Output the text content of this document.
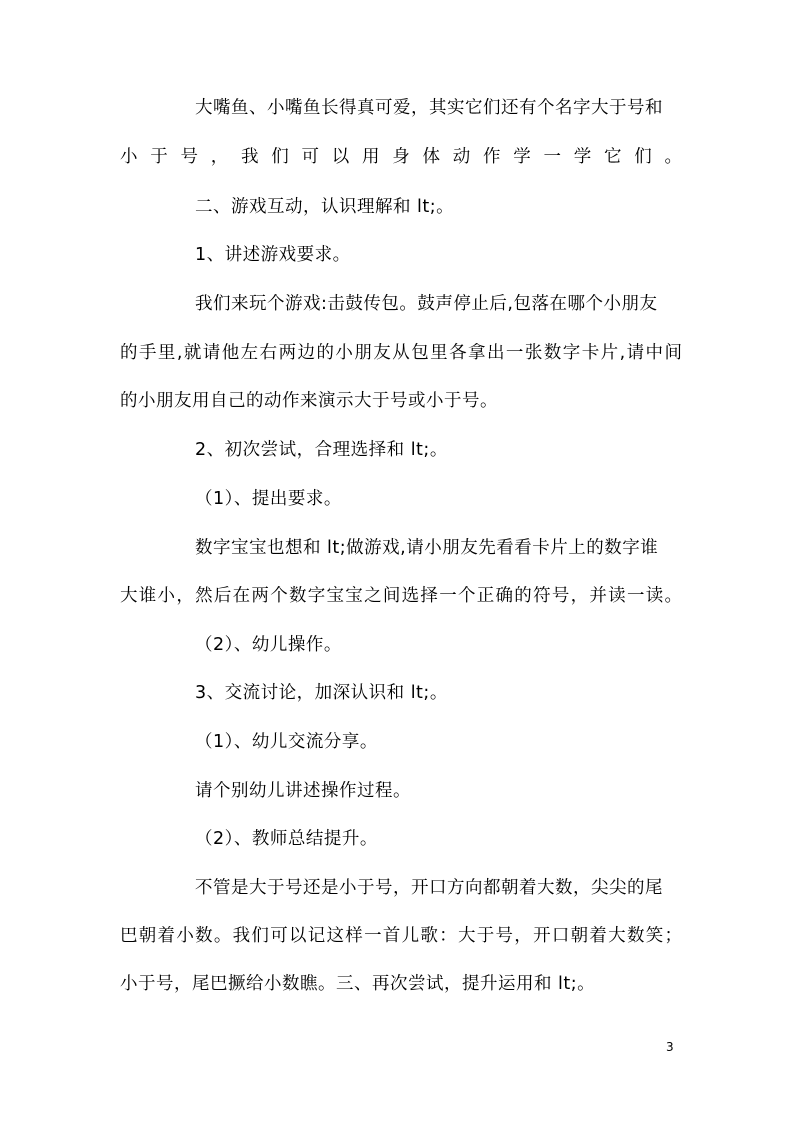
大嘴鱼、小嘴鱼长得真可爱，其实它们还有个名字大于号和
小于号，我们可以用身体动作学一学它们。
二、游戏互动，认识理解和 lt;。
1、讲述游戏要求。
我们来玩个游戏:击鼓传包。鼓声停止后,包落在哪个小朋友
的手里,就请他左右两边的小朋友从包里各拿出一张数字卡片,请中间
的小朋友用自己的动作来演示大于号或小于号。
2、初次尝试，合理选择和 lt;。
（1）、提出要求。
数字宝宝也想和 lt;做游戏,请小朋友先看看卡片上的数字谁
大谁小，然后在两个数字宝宝之间选择一个正确的符号，并读一读。
（2）、幼儿操作。
3、交流讨论，加深认识和 lt;。
（1）、幼儿交流分享。
请个别幼儿讲述操作过程。
（2）、教师总结提升。
不管是大于号还是小于号，开口方向都朝着大数，尖尖的尾
巴朝着小数。我们可以记这样一首儿歌：大于号，开口朝着大数笑；
小于号，尾巴撅给小数瞧。三、再次尝试，提升运用和 lt;。
3
